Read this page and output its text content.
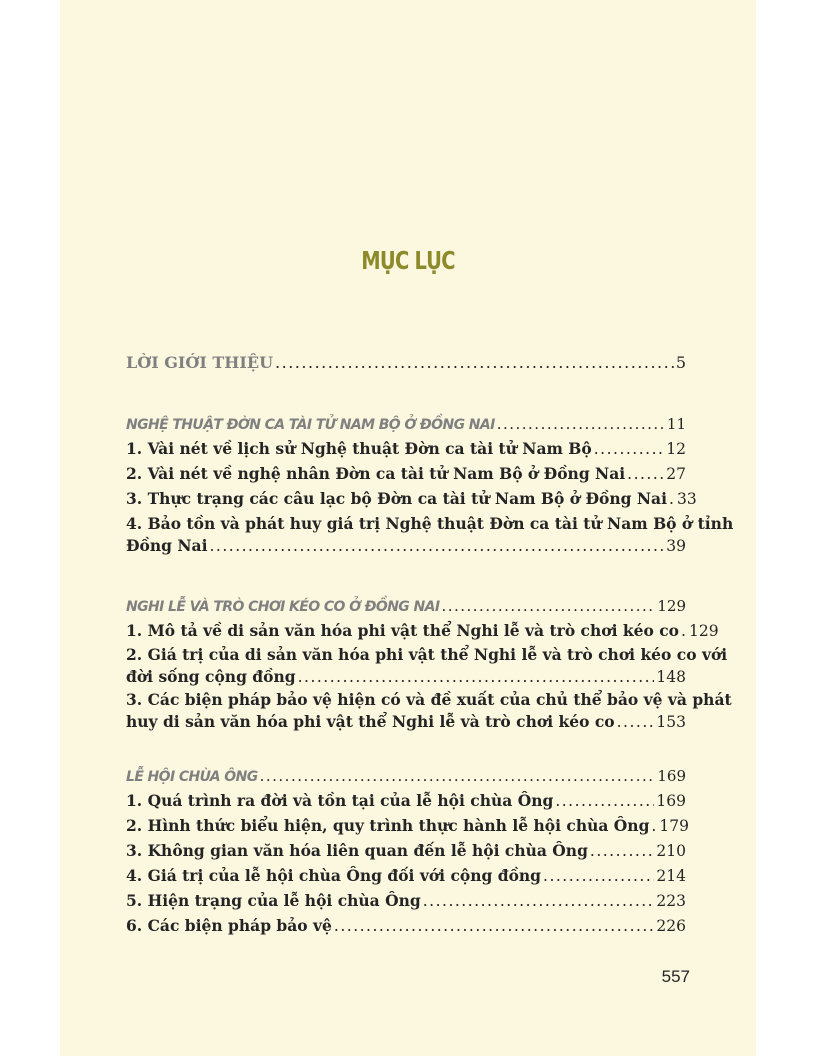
MỤC LỤC
LỜI GIỚI THIỆU .....	5
NGHỆ THUẬT ĐỜN CA TÀI TỬ NAM BỘ Ở ĐỒNG NAI .....	11
1. Vài nét về lịch sử Nghệ thuật Đờn ca tài tử Nam Bộ .....	12
2. Vài nét về nghệ nhân Đờn ca tài tử Nam Bộ ở Đồng Nai .....	27
3. Thực trạng các câu lạc bộ Đờn ca tài tử Nam Bộ ở Đồng Nai ..... 33
4. Bảo tồn và phát huy giá trị Nghệ thuật Đờn ca tài tử Nam Bộ ở tỉnh
Đồng Nai .....	39
NGHI LỄ VÀ TRÒ CHƠI KÉO CO Ở ĐỒNG NAI .....	129
1. Mô tả về di sản văn hóa phi vật thể Nghi lễ và trò chơi kéo co ..... 129
2. Giá trị của di sản văn hóa phi vật thể Nghi lễ và trò chơi kéo co với
đời sống cộng đồng .....	148
3. Các biện pháp bảo vệ hiện có và đề xuất của chủ thể bảo vệ và phát
huy di sản văn hóa phi vật thể Nghi lễ và trò chơi kéo co .....	153
LỄ HỘI CHÙA ÔNG .....	169
1. Quá trình ra đời và tồn tại của lễ hội chùa Ông .....	169
2. Hình thức biểu hiện, quy trình thực hành lễ hội chùa Ông ..... 179
3. Không gian văn hóa liên quan đến lễ hội chùa Ông .....	210
4. Giá trị của lễ hội chùa Ông đối với cộng đồng .....	214
5. Hiện trạng của lễ hội chùa Ông .....	223
6. Các biện pháp bảo vệ .....	226
557
